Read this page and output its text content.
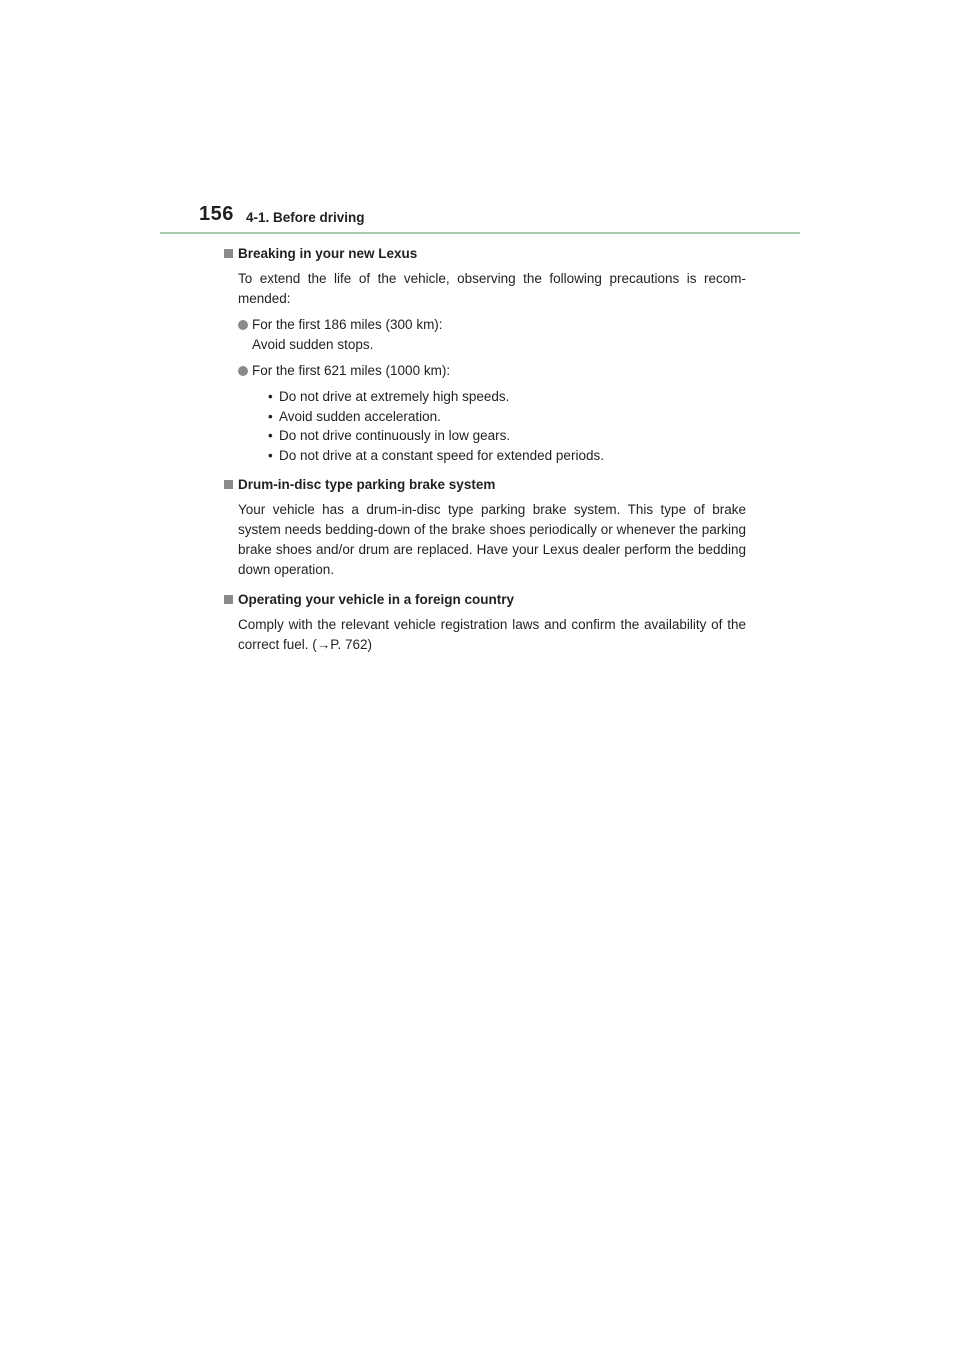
156 4-1. Before driving

Breaking in your new Lexus

To extend the life of the vehicle, observing the following precautions is recom-mended:

For the first 186 miles (300 km):

Avoid sudden stops.

For the first 621 miles (1000 km):

• Do not drive at extremely high speeds.
• Avoid sudden acceleration.
• Do not drive continuously in low gears.
• Do not drive at a constant speed for extended periods.

Drum-in-disc type parking brake system

Your vehicle has a drum-in-disc type parking brake system. This type of brake system needs bedding-down of the brake shoes periodically or whenever the parking brake shoes and/or drum are replaced. Have your Lexus dealer perform the bedding down operation.

Operating your vehicle in a foreign country

Comply with the relevant vehicle registration laws and confirm the availability of the correct fuel. (→P. 762)
